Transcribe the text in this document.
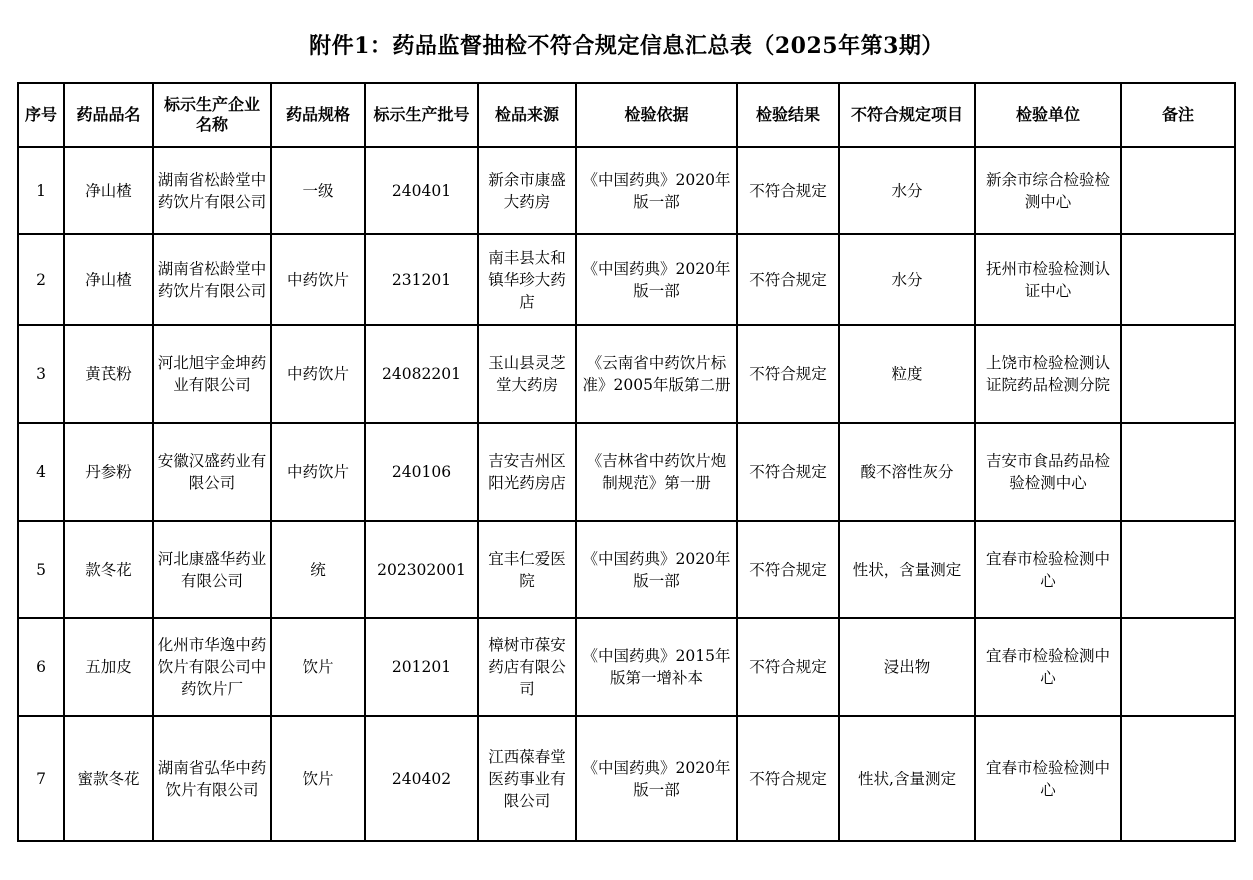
附件1：药品监督抽检不符合规定信息汇总表（2025年第3期）
序号	药品品名	标示生产企业名称	药品规格	标示生产批号	检品来源	检验依据	检验结果	不符合规定项目	检验单位	备注
1	净山楂	湖南省松龄堂中药饮片有限公司	一级	240401	新余市康盛大药房	《中国药典》2020年版一部	不符合规定	水分	新余市综合检验检测中心	
2	净山楂	湖南省松龄堂中药饮片有限公司	中药饮片	231201	南丰县太和镇华珍大药店	《中国药典》2020年版一部	不符合规定	水分	抚州市检验检测认证中心	
3	黄芪粉	河北旭宇金坤药业有限公司	中药饮片	24082201	玉山县灵芝堂大药房	《云南省中药饮片标准》2005年版第二册	不符合规定	粒度	上饶市检验检测认证院药品检测分院	
4	丹参粉	安徽汉盛药业有限公司	中药饮片	240106	吉安吉州区阳光药房店	《吉林省中药饮片炮制规范》第一册	不符合规定	酸不溶性灰分	吉安市食品药品检验检测中心	
5	款冬花	河北康盛华药业有限公司	统	202302001	宜丰仁爱医院	《中国药典》2020年版一部	不符合规定	性状，含量测定	宜春市检验检测中心	
6	五加皮	化州市华逸中药饮片有限公司中药饮片厂	饮片	201201	樟树市葆安药店有限公司	《中国药典》2015年版第一增补本	不符合规定	浸出物	宜春市检验检测中心	
7	蜜款冬花	湖南省弘华中药饮片有限公司	饮片	240402	江西葆春堂医药事业有限公司	《中国药典》2020年版一部	不符合规定	性状,含量测定	宜春市检验检测中心	
